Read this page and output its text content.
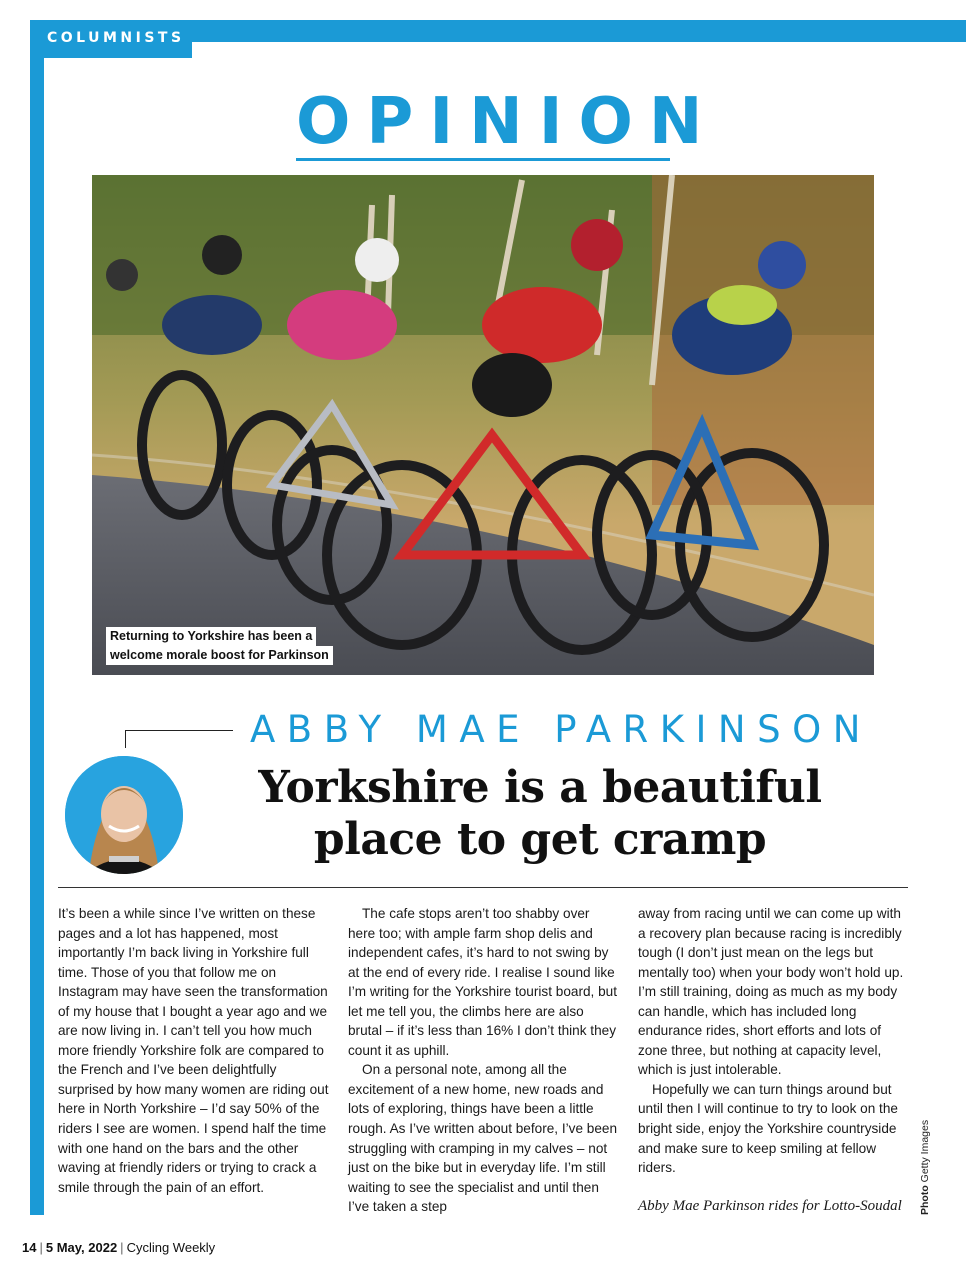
COLUMNISTS
OPINION
Returning to Yorkshire has been a
welcome morale boost for Parkinson
ABBY MAE PARKINSON
Yorkshire is a beautiful
place to get cramp

It’s been a while since I’ve written on these pages and a lot has happened, most importantly I’m back living in Yorkshire full time. Those of you that follow me on Instagram may have seen the transformation of my house that I bought a year ago and we are now living in. I can’t tell you how much more friendly Yorkshire folk are compared to the French and I’ve been delightfully surprised by how many women are riding out here in North Yorkshire – I’d say 50% of the riders I see are women. I spend half the time with one hand on the bars and the other waving at friendly riders or trying to crack a smile through the pain of an effort.

The cafe stops aren’t too shabby over here too; with ample farm shop delis and independent cafes, it’s hard to not swing by at the end of every ride. I realise I sound like I’m writing for the Yorkshire tourist board, but let me tell you, the climbs here are also brutal – if it’s less than 16% I don’t think they count it as uphill.

On a personal note, among all the excitement of a new home, new roads and lots of exploring, things have been a little rough. As I’ve written about before, I’ve been struggling with cramping in my calves – not just on the bike but in everyday life. I’m still waiting to see the specialist and until then I’ve taken a step

away from racing until we can come up with a recovery plan because racing is incredibly tough (I don’t just mean on the legs but mentally too) when your body won’t hold up. I’m still training, doing as much as my body can handle, which has included long endurance rides, short efforts and lots of zone three, but nothing at capacity level, which is just intolerable.

Hopefully we can turn things around but until then I will continue to try to look on the bright side, enjoy the Yorkshire countryside and make sure to keep smiling at fellow riders.

Abby Mae Parkinson rides for Lotto-Soudal	Photo Getty Images
14 | 5 May, 2022 | Cycling Weekly
